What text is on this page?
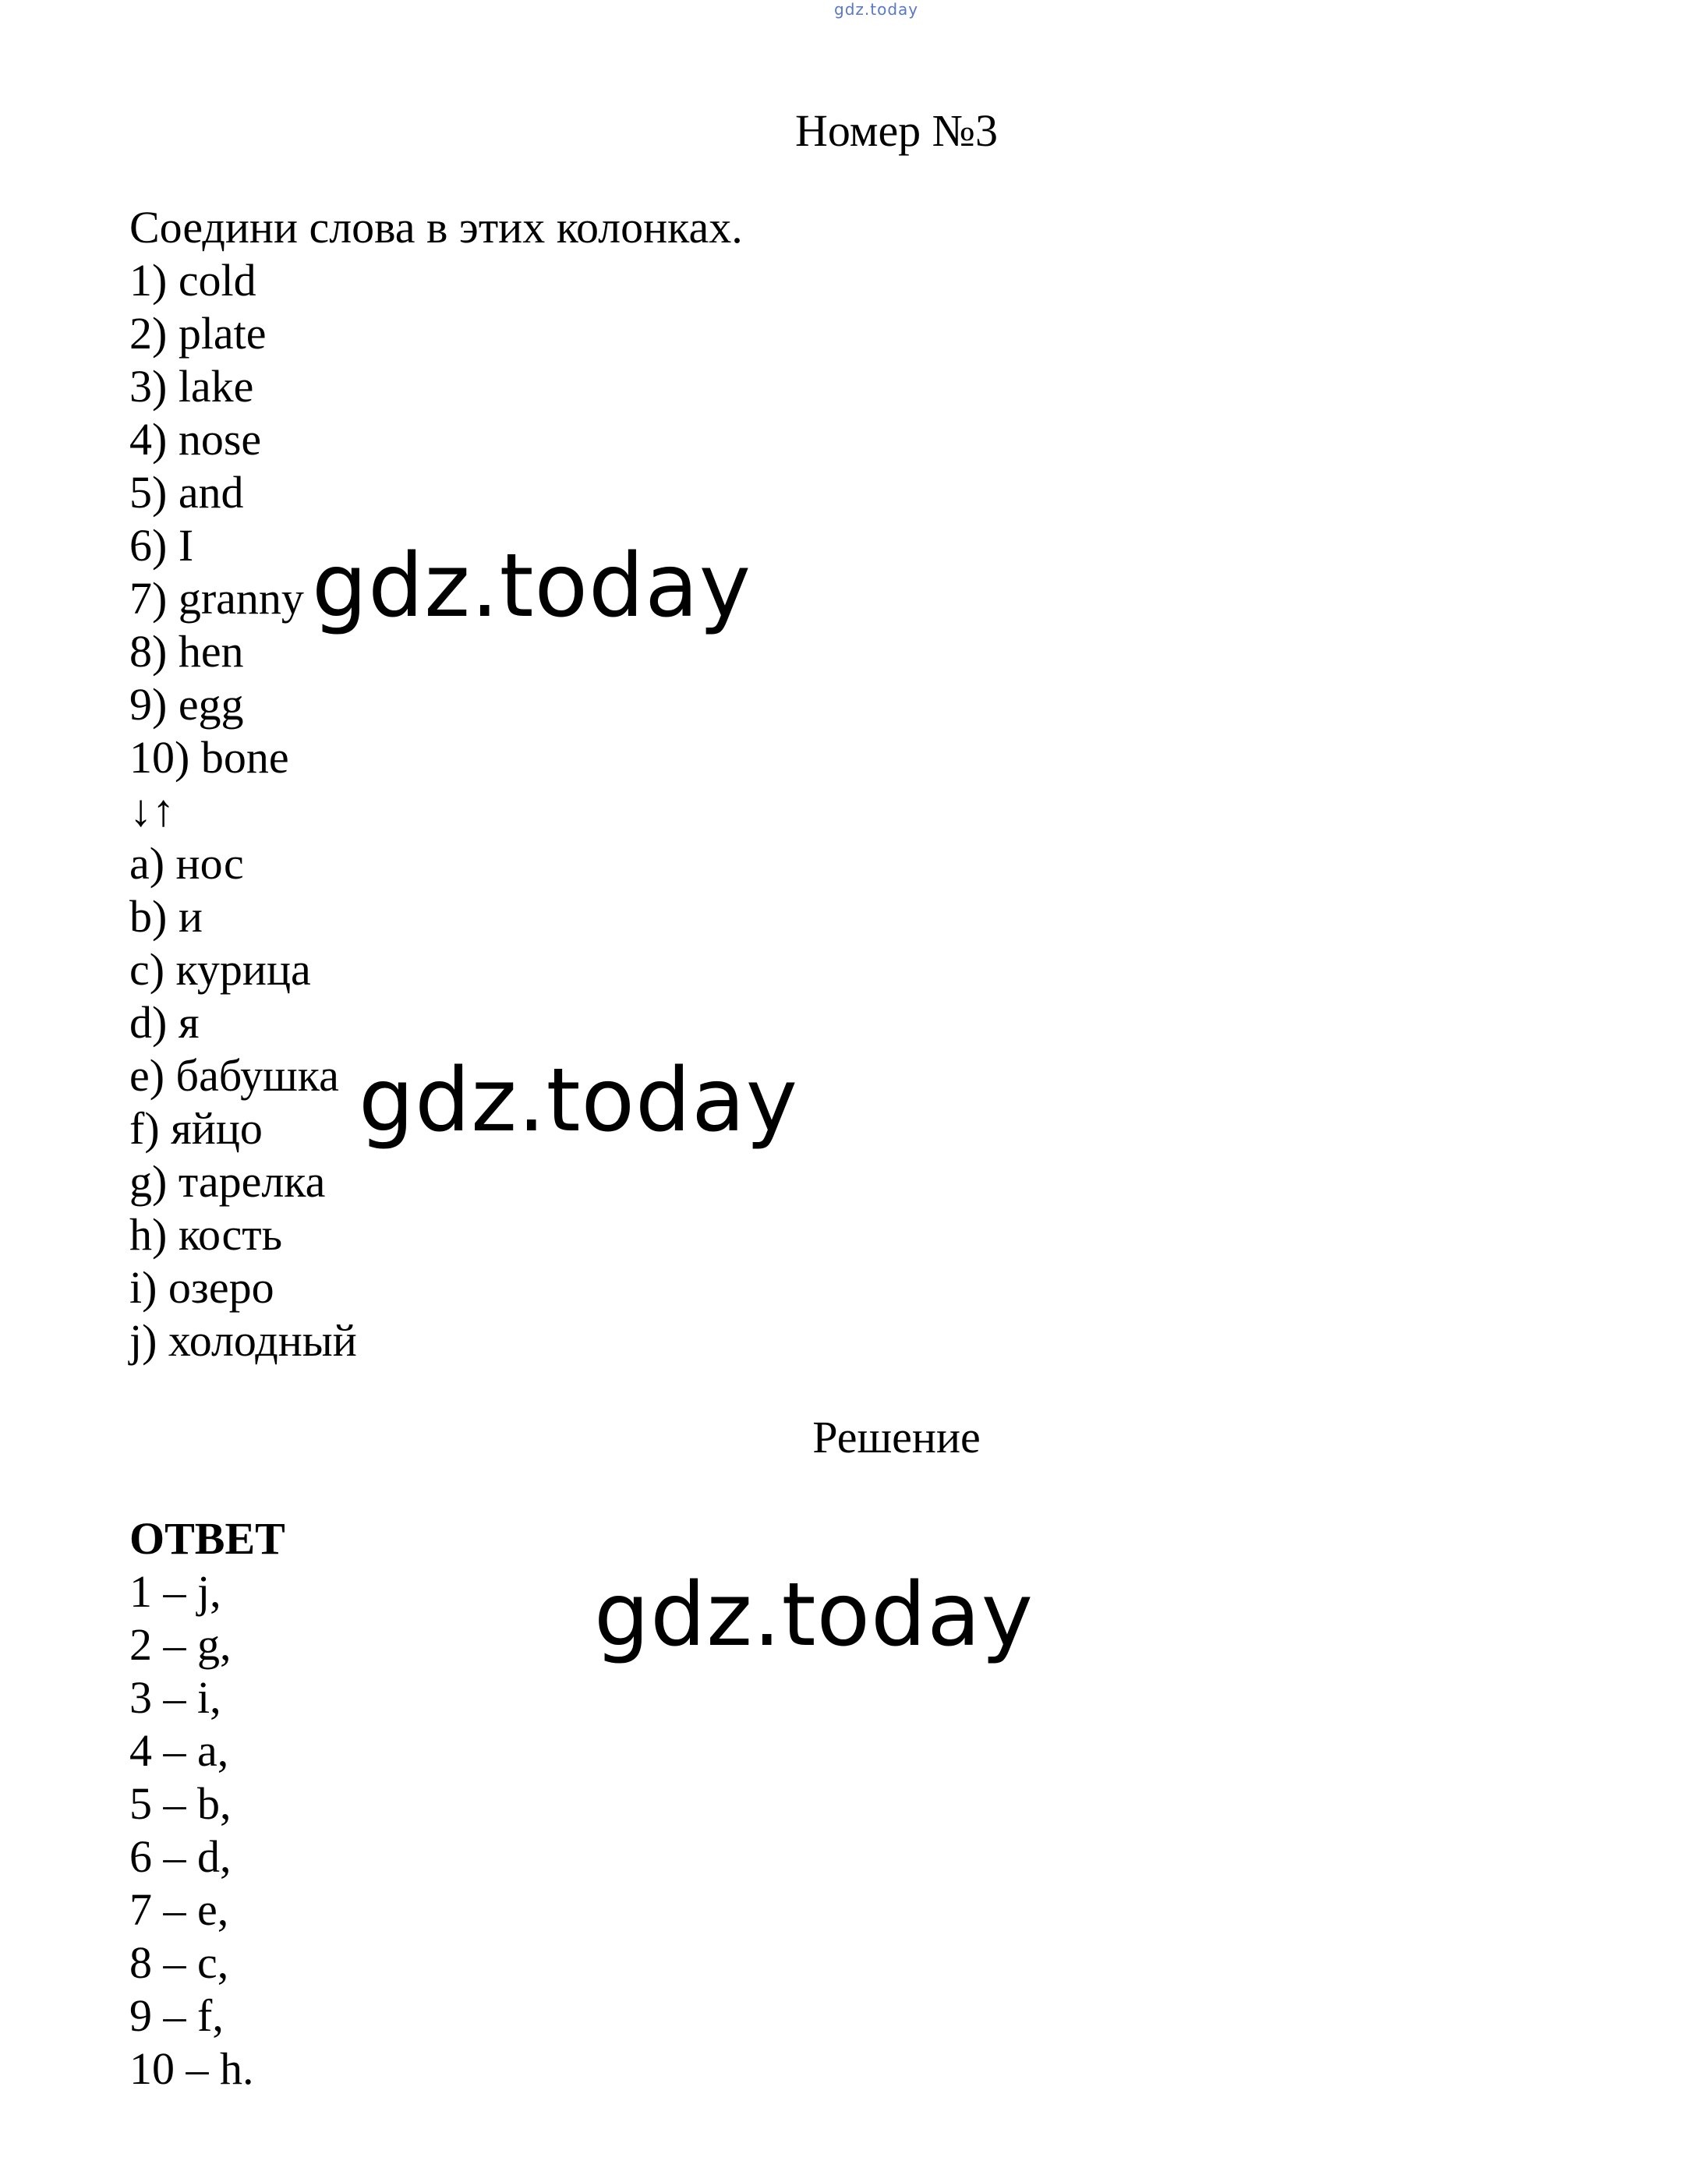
gdz.today
Номер №3
Соедини слова в этих колонках.
1) cold
2) plate
3) lake
4) nose
5) and
6) I
7) granny
8) hen
9) egg
10) bone
↓↑
a) нос
b) и
c) курица
d) я
e) бабушка
f) яйцо
g) тарелка
h) кость
i) озеро
j) холодный
Решение
ОТВЕТ
1 – j,
2 – g,
3 – i,
4 – a,
5 – b,
6 – d,
7 – e,
8 – c,
9 – f,
10 – h.
gdz.today
gdz.today
gdz.today
